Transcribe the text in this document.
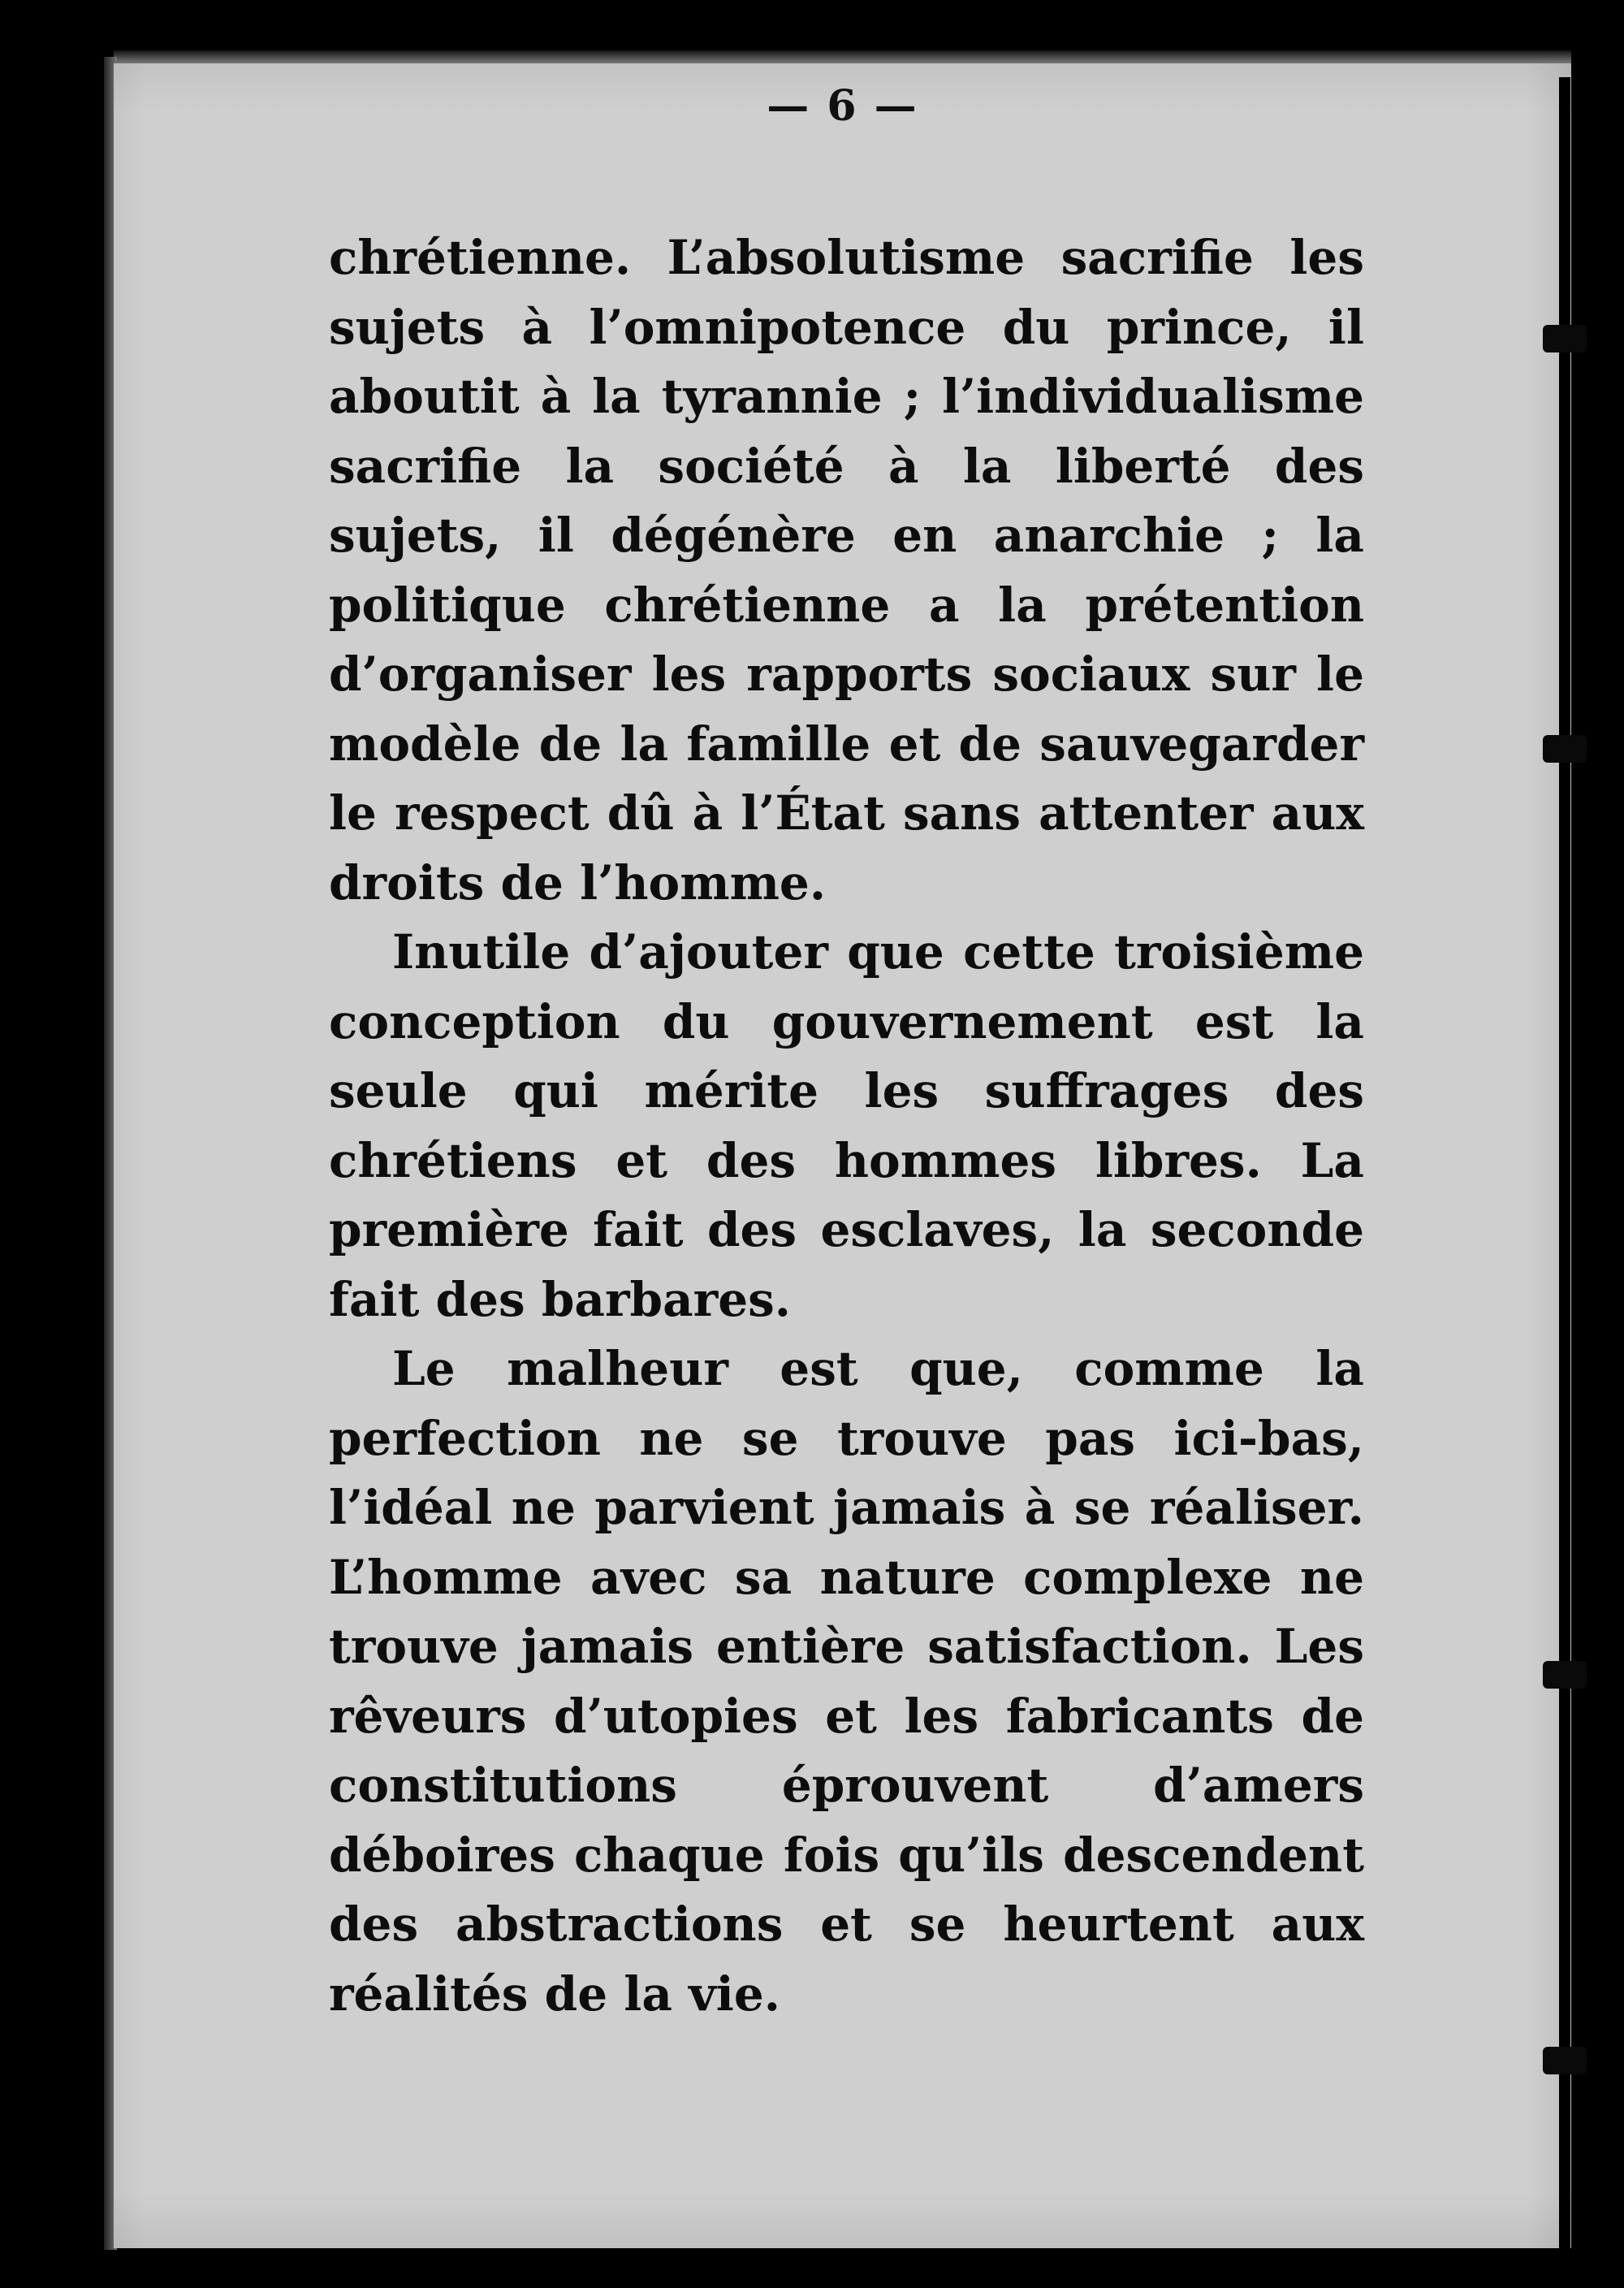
— 6 —

chrétienne. L’absolutisme sacrifie les sujets à l’omnipotence du prince, il aboutit à la tyrannie ; l’individualisme sacrifie la société à la liberté des sujets, il dégénère en anarchie ; la politique chrétienne a la prétention d’organiser les rapports sociaux sur le modèle de la famille et de sauvegarder le respect dû à l’État sans attenter aux droits de l’homme.

Inutile d’ajouter que cette troisième conception du gouvernement est la seule qui mérite les suffrages des chrétiens et des hommes libres. La première fait des esclaves, la seconde fait des barbares.

Le malheur est que, comme la perfection ne se trouve pas ici-bas, l’idéal ne parvient jamais à se réaliser. L’homme avec sa nature complexe ne trouve jamais entière satisfaction. Les rêveurs d’utopies et les fabricants de constitutions éprouvent d’amers déboires chaque fois qu’ils descendent des abstractions et se heurtent aux réalités de la vie.
